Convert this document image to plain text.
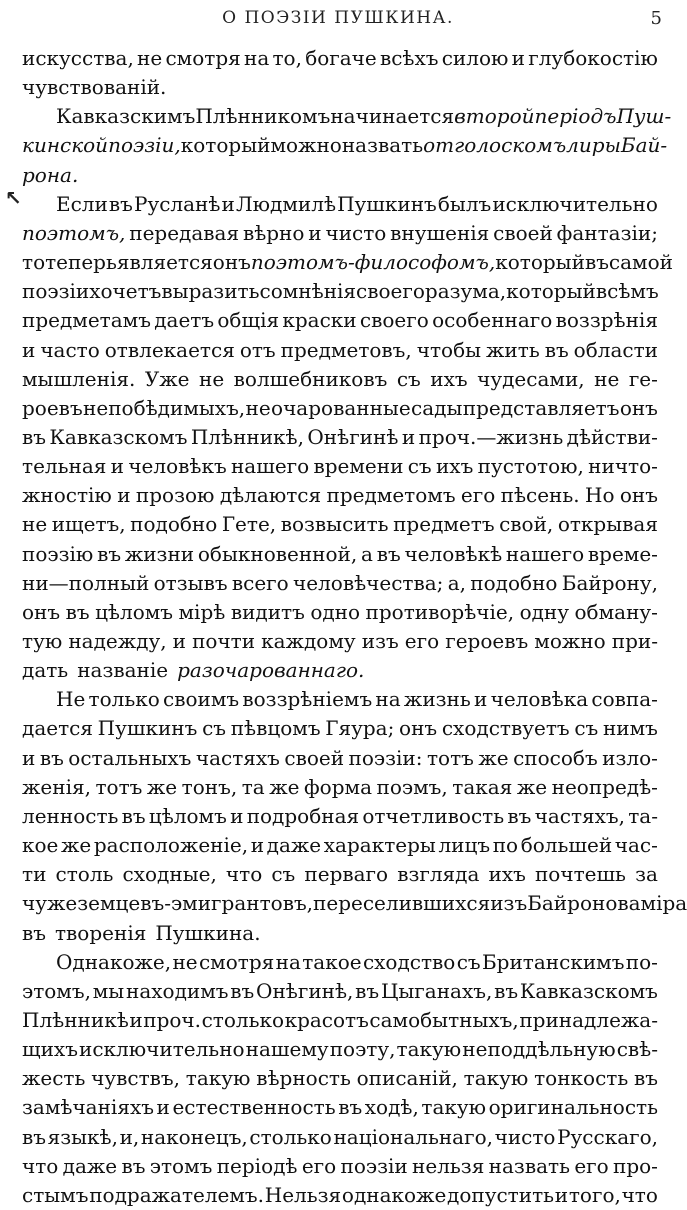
О ПОЭЗІИ ПУШКИНА.	5
↖
искусства, не смотря на то, богаче всѣхъ силою и глубокостію
чувствованій.
Кавказскимъ Плѣнникомъ начинается второй періодъ Пуш-
кинской поэзіи, который можно назвать отголоскомъ лиры Бай-
рона.
Если въ Русланѣ и Людмилѣ Пушкинъ былъ исключительно
поэтомъ, передавая вѣрно и чисто внушенія своей фантазіи;
то теперь является онъ поэтомъ-философомъ, который въ самой
поэзіи хочетъ выразить сомнѣнія своего разума, который всѣмъ
предметамъ даетъ общія краски своего особеннаго воззрѣнія
и часто отвлекается отъ предметовъ, чтобы жить въ области
мышленія. Уже не волшебниковъ съ ихъ чудесами, не ге-
роевъ непобѣдимыхъ, не очарованные сады представляетъ онъ
въ Кавказскомъ Плѣнникѣ, Онѣгинѣ и проч.—жизнь дѣйстви-
тельная и человѣкъ нашего времени съ ихъ пустотою, ничто-
жностію и прозою дѣлаются предметомъ его пѣсень. Но онъ
не ищетъ, подобно Гете, возвысить предметъ свой, открывая
поэзію въ жизни обыкновенной, а въ человѣкѣ нашего време-
ни—полный отзывъ всего человѣчества; а, подобно Байрону,
онъ въ цѣломъ мірѣ видитъ одно противорѣчіе, одну обману-
тую надежду, и почти каждому изъ его героевъ можно при-
дать названіе разочарованнаго.
Не только своимъ воззрѣніемъ на жизнь и человѣка совпа-
дается Пушкинъ съ пѣвцомъ Гяура; онъ сходствуетъ съ нимъ
и въ остальныхъ частяхъ своей поэзіи: тотъ же способъ изло-
женія, тотъ же тонъ, та же форма поэмъ, такая же неопредѣ-
ленность въ цѣломъ и подробная отчетливость въ частяхъ, та-
кое же расположеніе, и даже характеры лицъ по большей час-
ти столь сходные, что съ перваго взгляда ихъ почтешь за
чужеземцевъ-эмигрантовъ, переселившихся изъ Байронова міра
въ творенія Пушкина.
Однакоже, не смотря на такое сходство съ Британскимъ по-
этомъ, мы находимъ въ Онѣгинѣ, въ Цыганахъ, въ Кавказскомъ
Плѣнникѣ и проч. столько красотъ самобытныхъ, принадлежа-
щихъ исключительно нашему поэту, такую неподдѣльную свѣ-
жесть чувствъ, такую вѣрность описаній, такую тонкость въ
замѣчаніяхъ и естественность въ ходѣ, такую оригинальность
въ языкѣ, и, наконецъ, столько національнаго, чисто Русскаго,
что даже въ этомъ періодѣ его поэзіи нельзя назвать его про-
стымъ подражателемъ. Нельзя однакоже допустить и того, что
